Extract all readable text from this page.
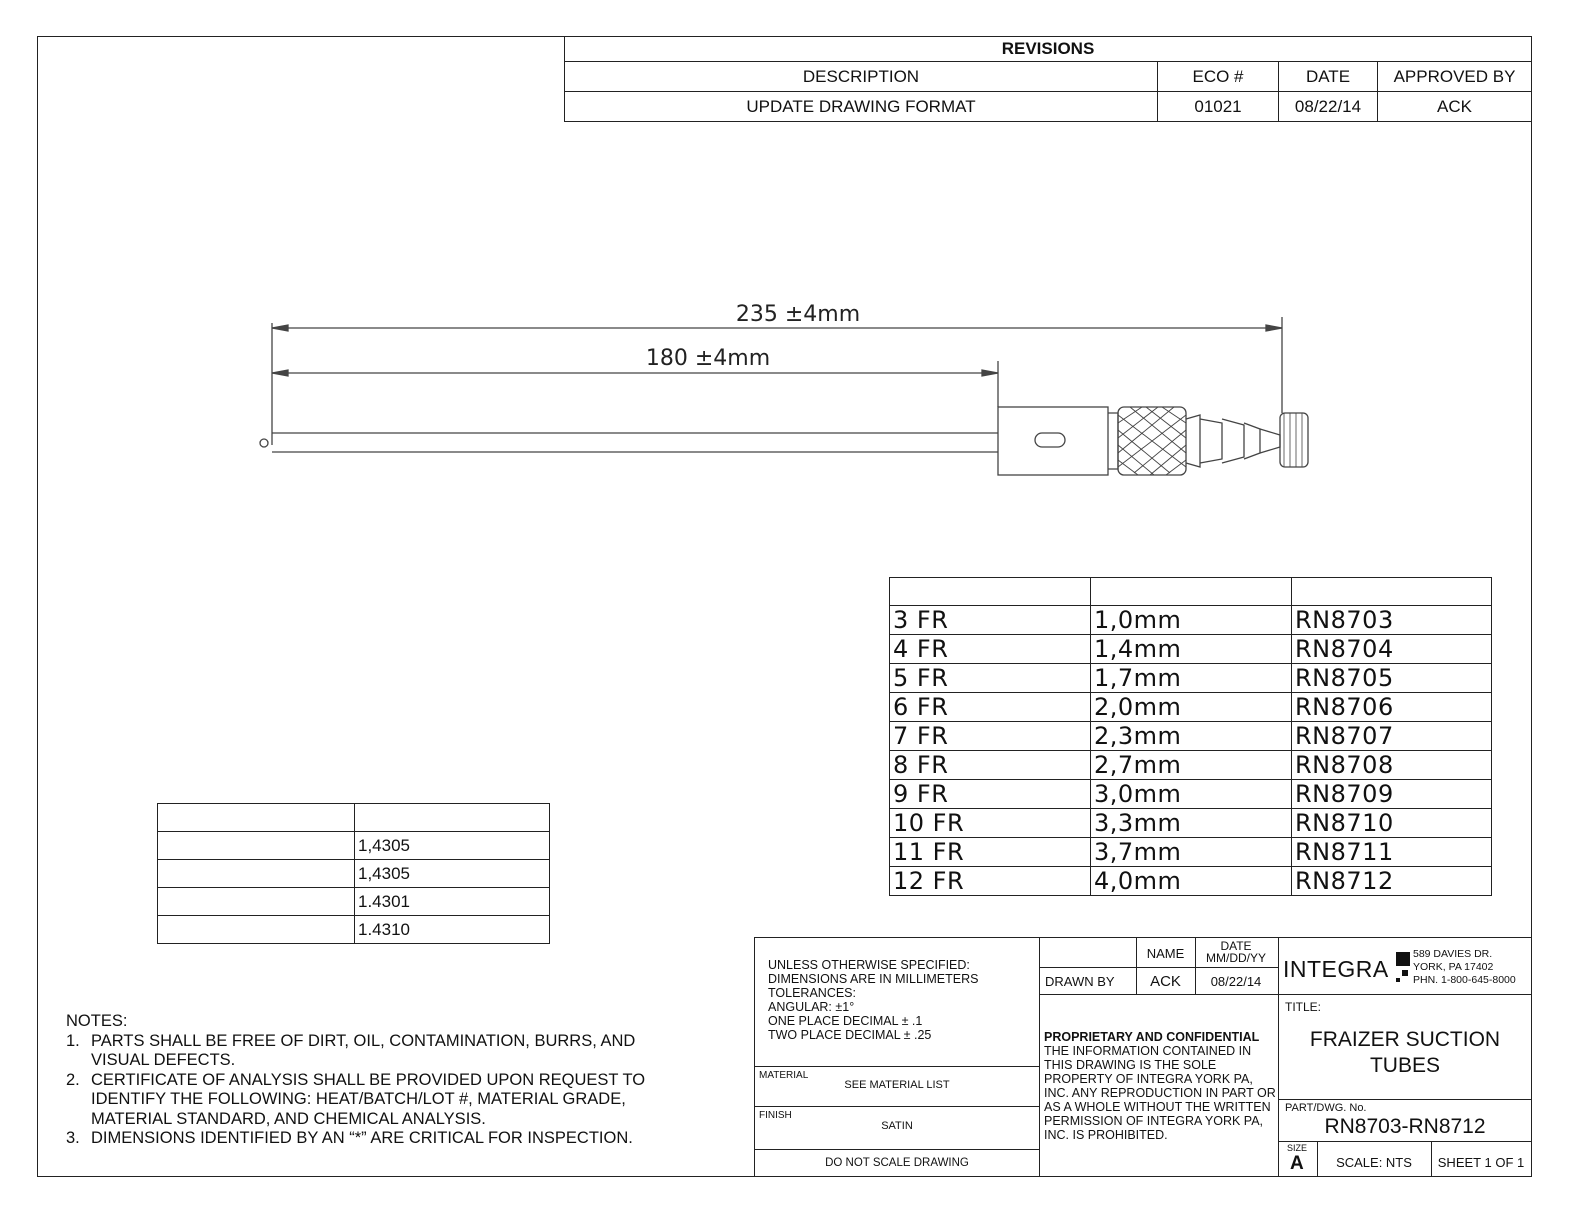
REVISIONS			
DESCRIPTION	ECO #	DATE	APPROVED BY
UPDATE DRAWING FORMAT	01021	08/22/14	ACK
235 ±4mm
180 ±4mm

3 FR	1,0mm	RN8703
4 FR	1,4mm	RN8704
5 FR	1,7mm	RN8705
6 FR	2,0mm	RN8706
7 FR	2,3mm	RN8707
8 FR	2,7mm	RN8708
9 FR	3,0mm	RN8709
10 FR	3,3mm	RN8710
11 FR	3,7mm	RN8711
12 FR	4,0mm	RN8712

	1,4305
	1,4305
	1.4301
	1.4310
NOTES:
1. PARTS SHALL BE FREE OF DIRT, OIL, CONTAMINATION, BURRS, AND VISUAL DEFECTS.
2. CERTIFICATE OF ANALYSIS SHALL BE PROVIDED UPON REQUEST TO IDENTIFY THE FOLLOWING: HEAT/BATCH/LOT #, MATERIAL GRADE, MATERIAL STANDARD, AND CHEMICAL ANALYSIS.
3. DIMENSIONS IDENTIFIED BY AN “*” ARE CRITICAL FOR INSPECTION.
UNLESS OTHERWISE SPECIFIED:
DIMENSIONS ARE IN MILLIMETERS
TOLERANCES:
ANGULAR: ±1°
ONE PLACE DECIMAL ± .1
TWO PLACE DECIMAL ± .25
MATERIAL
SEE MATERIAL LIST
FINISH
SATIN
DO NOT SCALE DRAWING
NAME	DATE
MM/DD/YY
DRAWN BY	ACK	08/22/14
PROPRIETARY AND CONFIDENTIAL
THE INFORMATION CONTAINED IN THIS DRAWING IS THE SOLE PROPERTY OF INTEGRA YORK PA, INC. ANY REPRODUCTION IN PART OR AS A WHOLE WITHOUT THE WRITTEN PERMISSION OF INTEGRA YORK PA, INC. IS PROHIBITED.
INTEGRA
589 DAVIES DR.
YORK, PA 17402
PHN. 1-800-645-8000
TITLE:
FRAIZER SUCTION
TUBES
PART/DWG. No.
RN8703-RN8712
SIZE
A	SCALE: NTS	SHEET 1 OF 1
